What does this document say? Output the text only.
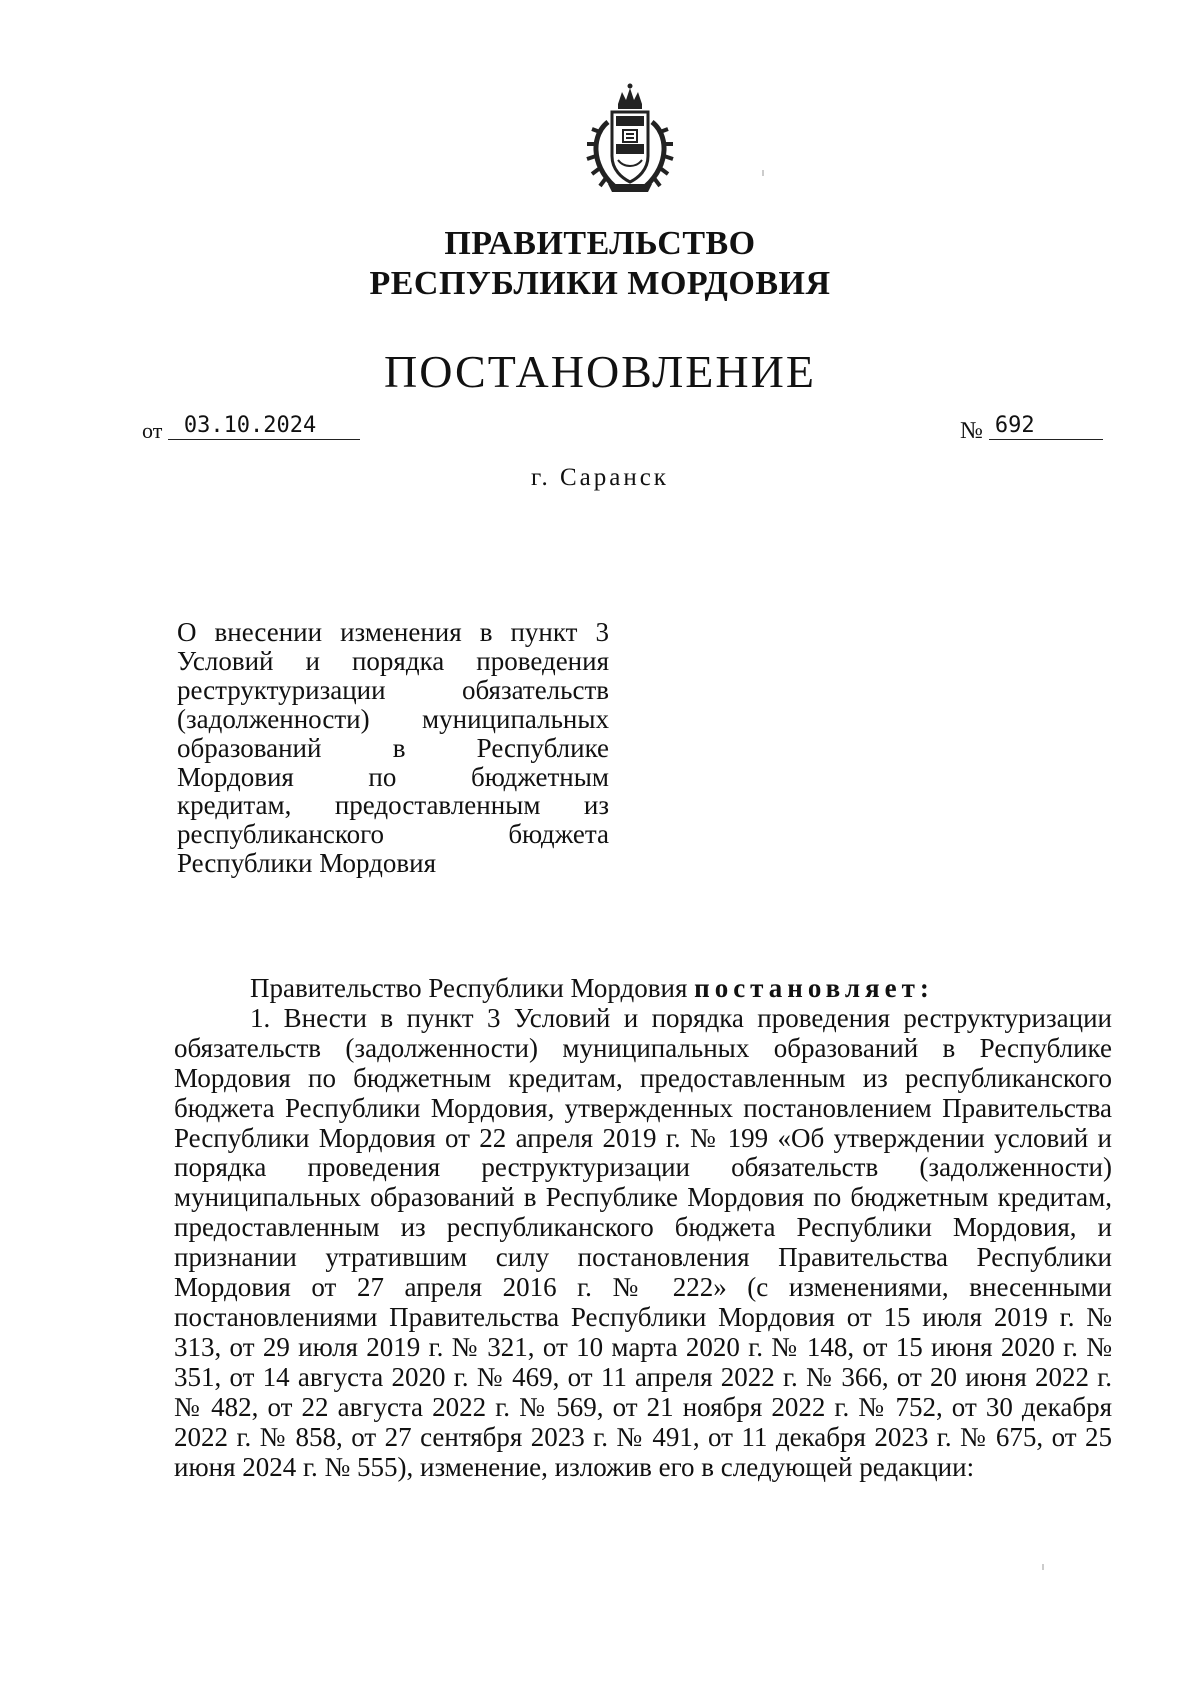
ПРАВИТЕЛЬСТВО
РЕСПУБЛИКИ МОРДОВИЯ
ПОСТАНОВЛЕНИЕ
от 03.10.2024	№ 692
г. Саранск
О внесении изменения в пункт 3
Условий и порядка проведения
реструктуризации обязательств
(задолженности) муниципальных
образований в Республике
Мордовия по бюджетным
кредитам, предоставленным из
республиканского бюджета
Республики Мордовия

Правительство Республики Мордовия постановляет:

1. Внести в пункт 3 Условий и порядка проведения реструктуризации обязательств (задолженности) муниципальных образований в Республике Мордовия по бюджетным кредитам, предоставленным из республиканского бюджета Республики Мордовия, утвержденных постановлением Правительства Республики Мордовия от 22 апреля 2019 г. № 199 «Об утверждении условий и порядка проведения реструктуризации обязательств (задолженности) муниципальных образований в Республике Мордовия по бюджетным кредитам, предоставленным из республиканского бюджета Республики Мордовия, и признании утратившим силу постановления Правительства Республики Мордовия от 27 апреля 2016 г. № 222» (с изменениями, внесенными постановлениями Правительства Республики Мордовия от 15 июля 2019 г. № 313, от 29 июля 2019 г. № 321, от 10 марта 2020 г. № 148, от 15 июня 2020 г. № 351, от 14 августа 2020 г. № 469, от 11 апреля 2022 г. № 366, от 20 июня 2022 г. № 482, от 22 августа 2022 г. № 569, от 21 ноября 2022 г. № 752, от 30 декабря 2022 г. № 858, от 27 сентября 2023 г. № 491, от 11 декабря 2023 г. № 675, от 25 июня 2024 г. № 555), изменение, изложив его в следующей редакции:
